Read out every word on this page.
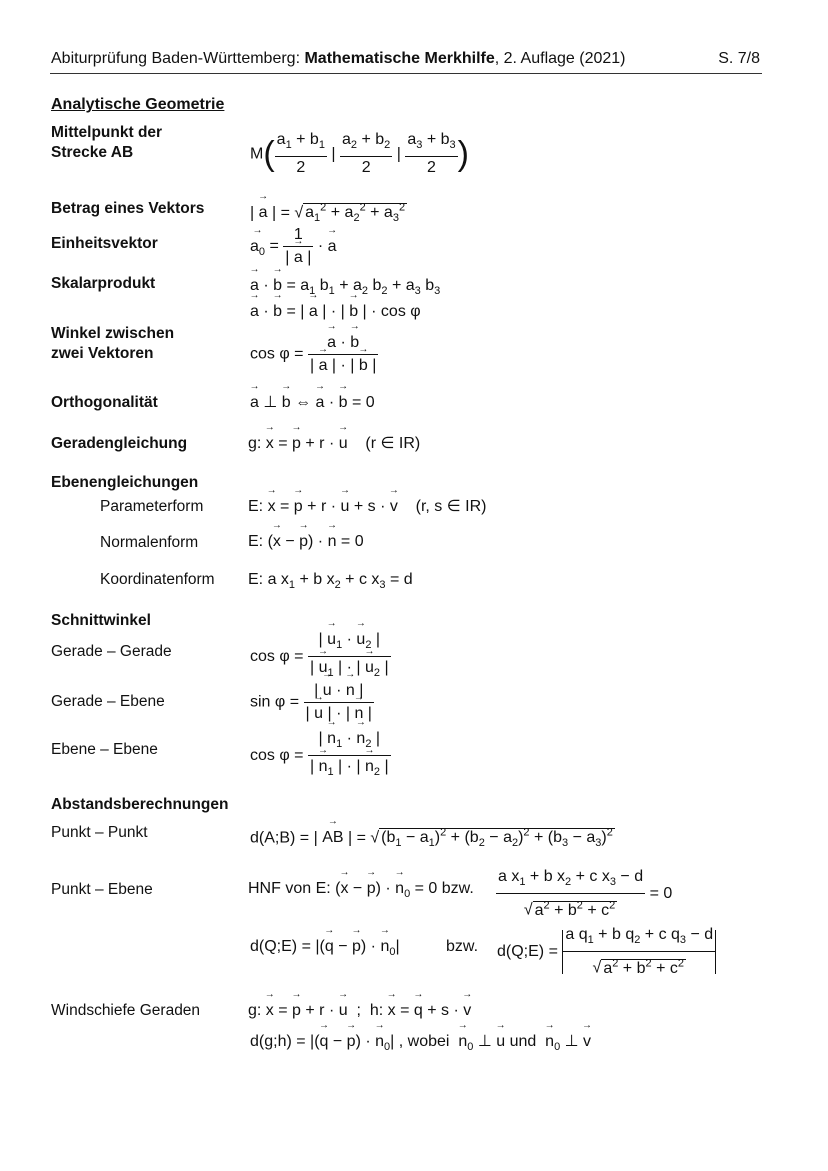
Abiturprüfung Baden-Württemberg: Mathematische Merkhilfe, 2. Auflage (2021)	S. 7/8
Analytische Geometrie
Mittelpunkt der
Strecke AB	$M( \frac{a_1 + b_1}{2}$ | $\frac{a_2 + b_2}{2}$ | $\frac{a_3 + b_3}{2}$ )
Betrag eines Vektors	| → a | = √ $a_1^2 + a_2^2 + a_3^2$
Einheitsvektor	→ $a_0 = \frac{1}{| \to a |}$ · → a
Skalarprodukt	→ a · → $b = a_1$ $b_1 + a_2$ $b_2 + a_3$ $b_3$
→ a · → b = | → a | · | → b | · cos φ
Winkel zwischen
zwei Vektoren	cos φ = → $\frac{a \cdot \to b}{| \to a | \cdot | \to b |}$
Orthogonalität	→ a ⊥ → b ⇔ → a · → b = 0
Geradengleichung	g: → x = → p + r · → u (r ∈ IR)
Ebenengleichungen
Parameterform	E: → x = → p + r · → u + s · → v (r, s ∈ IR)
Normalenform	E: (→ x − → p) · → n = 0
Koordinatenform E: a $x_1 + b$ $x_2 + c$ $x_3 = d$
Schnittwinkel
Gerade – Gerade	$\cos \varphi = \frac{| \to u_1 \cdot \to u_2 |}{| \to u_1 | \cdot | \to u_2 |}$
Gerade – Ebene	$\sin \varphi = \frac{| \to u \cdot \to n |}{| \to u | \cdot | \to n |}$
Ebene – Ebene	$\cos \varphi = \frac{| \to n_1 \cdot \to n_2 |}{| \to n_1 | \cdot | \to n_2 |}$
Abstandsberechnungen
Punkt – Punkt	d(A;B) = | → AB | = √ $(b_1 - a_1)^2 + (b_2 - a_2)^2 + (b_3 - a_3)^2$
Punkt – Ebene	HNF von E: (→ x − → p) · → $n_0 = 0$ bzw. $\frac{a x_1 + b x_2 + c x_3 - d}{√ a^2 + b^2 + c^2} = 0$
d(Q;E) = |(→ q − → p) · → $n_0|$	bzw. d(Q;E) = $\frac{a q_1 + b q_2 + c q_3 - d}{√ a^2 + b^2 + c^2}$
Windschiefe Geraden	g: → x = → p + r · → u  ;  h: → x = → q + s · → v
d(g;h) = |(→ q − → p) · → $n_0|$ , wobei → $n_0$ ⊥ → u und → $n_0$ ⊥ → v
